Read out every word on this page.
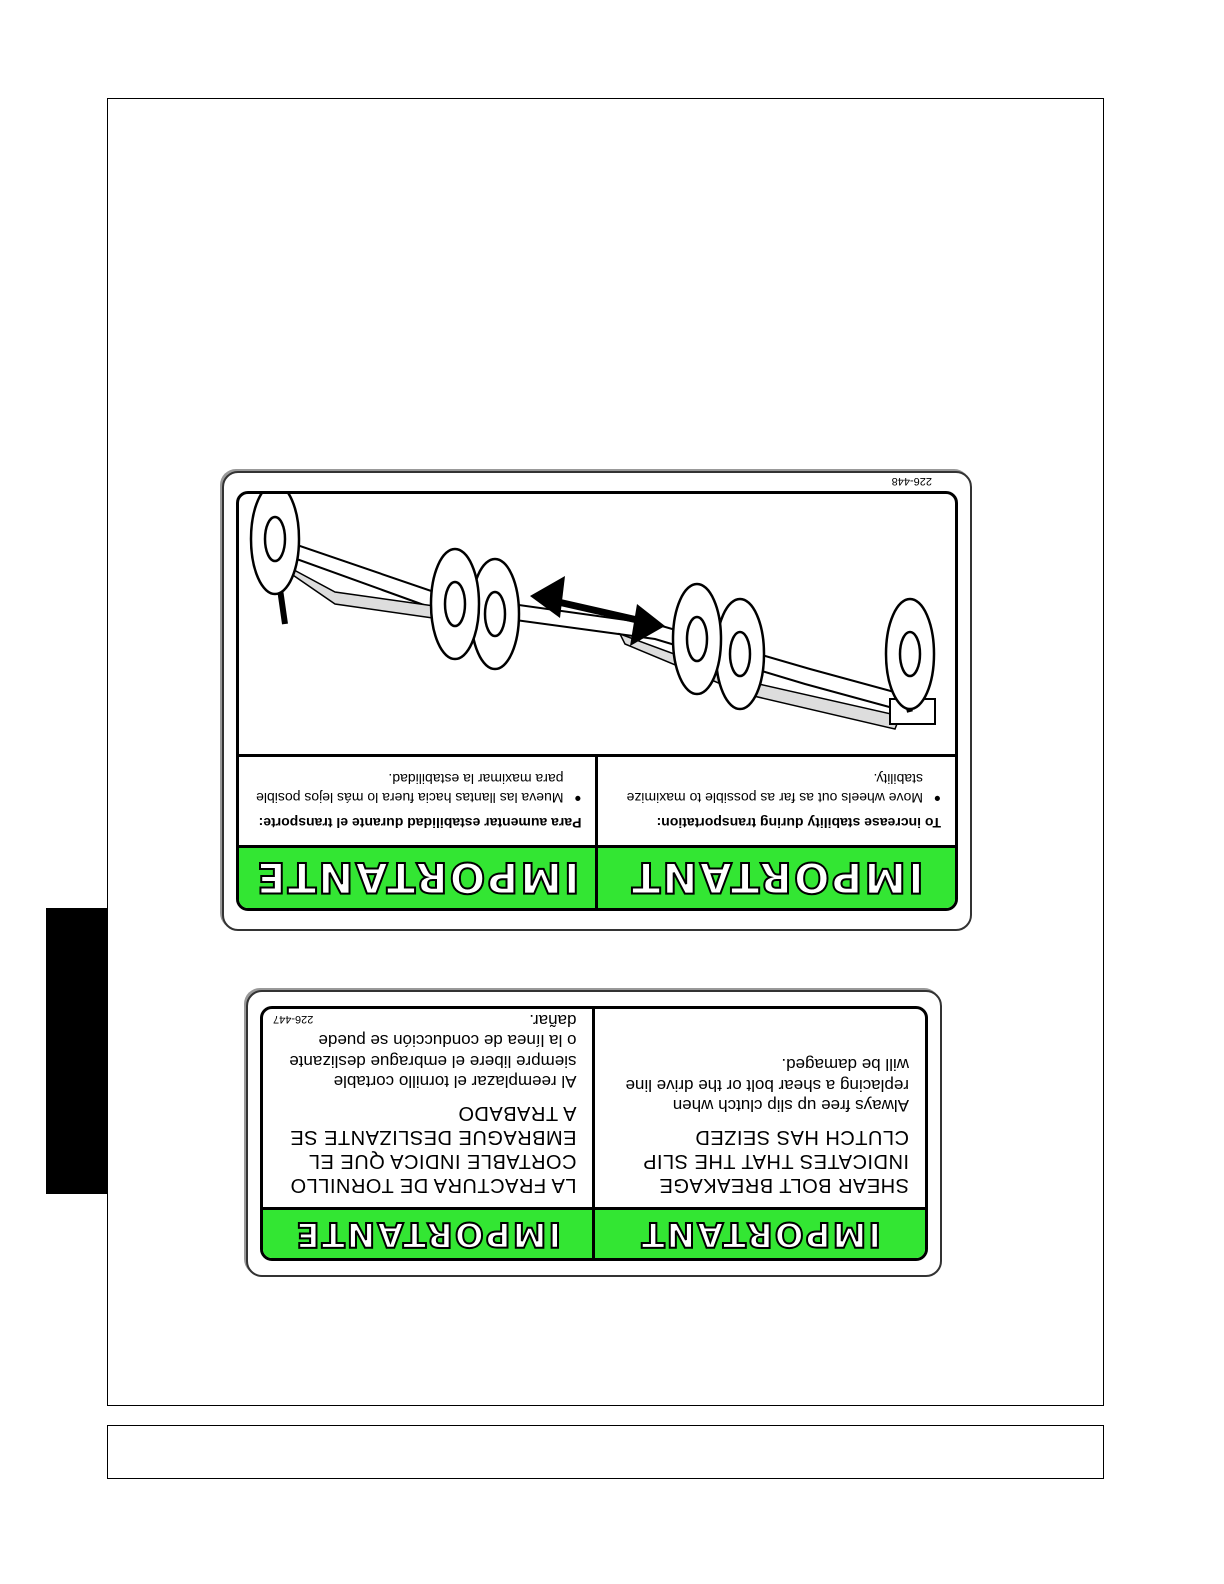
IMPORTANT
IMPORTANTE
To increase stability during transportation:
● Move wheels out as far as possible to maximize stability.
Para aumentar estabilidad durante el transporte:
● Mueva las llantas hacia fuera lo más lejos posible para maximar la estabilidad.
226-448
IMPORTANT
IMPORTANTE
SHEAR BOLT BREAKAGE INDICATES THAT THE SLIP CLUTCH HAS SEIZED
Always free up slip clutch when replacing a shear bolt or the drive line will be damaged.
LA FRACTURA DE TORNILLO CORTABLE INDICA QUE EL EMBRAGUE DESLIZANTE SE A TRABADO
Al reemplazar el tornillo cortable siempre libere el embrague deslizante o la línea de conducción se puede dañar.
226-447
